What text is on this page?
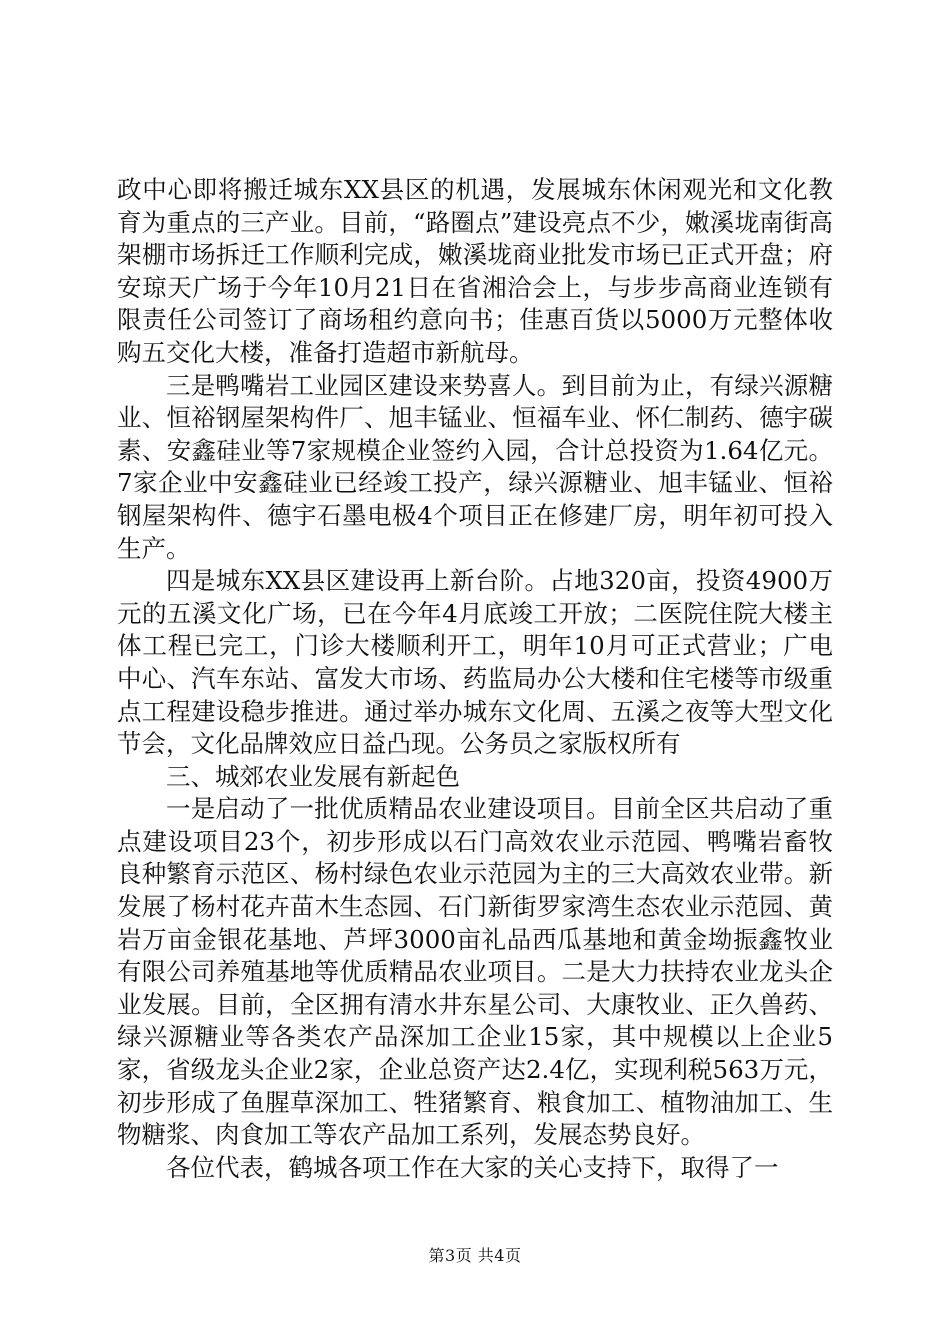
政中心即将搬迁城东XX县区的机遇，发展城东休闲观光和文化教育为重点的三产业。目前，“路圈点”建设亮点不少，嫩溪垅南街高架棚市场拆迁工作顺利完成，嫩溪垅商业批发市场已正式开盘；府安琼天广场于今年10月21日在省湘洽会上，与步步高商业连锁有限责任公司签订了商场租约意向书；佳惠百货以5000万元整体收购五交化大楼，准备打造超市新航母。

三是鸭嘴岩工业园区建设来势喜人。到目前为止，有绿兴源糖业、恒裕钢屋架构件厂、旭丰锰业、恒福车业、怀仁制药、德宇碳素、安鑫硅业等7家规模企业签约入园，合计总投资为1.64亿元。7家企业中安鑫硅业已经竣工投产，绿兴源糖业、旭丰锰业、恒裕钢屋架构件、德宇石墨电极4个项目正在修建厂房，明年初可投入生产。

四是城东XX县区建设再上新台阶。占地320亩，投资4900万元的五溪文化广场，已在今年4月底竣工开放；二医院住院大楼主体工程已完工，门诊大楼顺利开工，明年10月可正式营业；广电中心、汽车东站、富发大市场、药监局办公大楼和住宅楼等市级重点工程建设稳步推进。通过举办城东文化周、五溪之夜等大型文化节会，文化品牌效应日益凸现。公务员之家版权所有

三、城郊农业发展有新起色

一是启动了一批优质精品农业建设项目。目前全区共启动了重点建设项目23个，初步形成以石门高效农业示范园、鸭嘴岩畜牧良种繁育示范区、杨村绿色农业示范园为主的三大高效农业带。新发展了杨村花卉苗木生态园、石门新街罗家湾生态农业示范园、黄岩万亩金银花基地、芦坪3000亩礼品西瓜基地和黄金坳振鑫牧业有限公司养殖基地等优质精品农业项目。二是大力扶持农业龙头企业发展。目前，全区拥有清水井东星公司、大康牧业、正久兽药、绿兴源糖业等各类农产品深加工企业15家，其中规模以上企业5家，省级龙头企业2家，企业总资产达2.4亿，实现利税563万元，初步形成了鱼腥草深加工、牲猪繁育、粮食加工、植物油加工、生物糖浆、肉食加工等农产品加工系列，发展态势良好。

各位代表，鹤城各项工作在大家的关心支持下，取得了一

第3页 共4页
